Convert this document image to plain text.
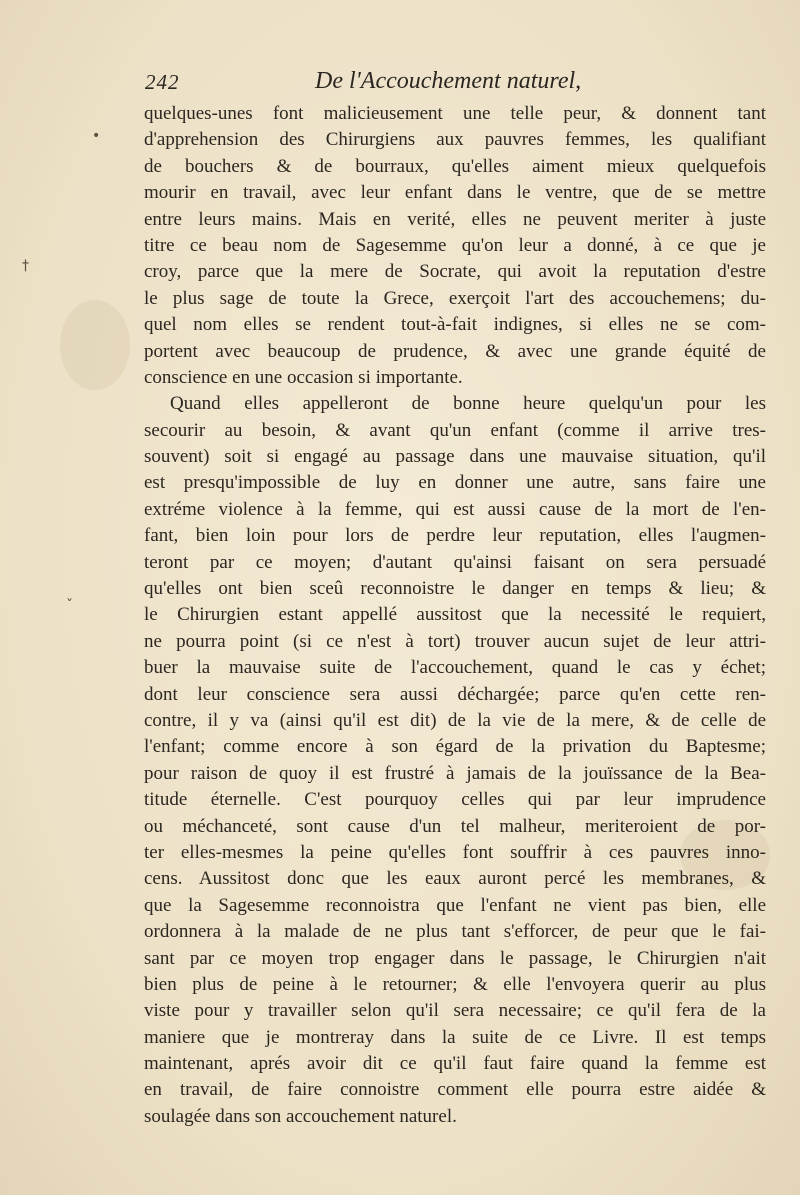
•
†
ˇ
242	De l'Accouchement naturel,
quelques-unes font malicieusement une telle peur, & donnent tant
d'apprehension des Chirurgiens aux pauvres femmes, les qualifiant
de bouchers & de bourraux, qu'elles aiment mieux quelquefois
mourir en travail, avec leur enfant dans le ventre, que de se mettre
entre leurs mains. Mais en verité, elles ne peuvent meriter à juste
titre ce beau nom de Sagesemme qu'on leur a donné, à ce que je
croy, parce que la mere de Socrate, qui avoit la reputation d'estre
le plus sage de toute la Grece, exerçoit l'art des accouchemens; du-
quel nom elles se rendent tout-à-fait indignes, si elles ne se com-
portent avec beaucoup de prudence, & avec une grande équité de
conscience en une occasion si importante.
Quand elles appelleront de bonne heure quelqu'un pour les
secourir au besoin, & avant qu'un enfant (comme il arrive tres-
souvent) soit si engagé au passage dans une mauvaise situation, qu'il
est presqu'impossible de luy en donner une autre, sans faire une
extréme violence à la femme, qui est aussi cause de la mort de l'en-
fant, bien loin pour lors de perdre leur reputation, elles l'augmen-
teront par ce moyen; d'autant qu'ainsi faisant on sera persuadé
qu'elles ont bien sceû reconnoistre le danger en temps & lieu; &
le Chirurgien estant appellé aussitost que la necessité le requiert,
ne pourra point (si ce n'est à tort) trouver aucun sujet de leur attri-
buer la mauvaise suite de l'accouchement, quand le cas y échet;
dont leur conscience sera aussi déchargée; parce qu'en cette ren-
contre, il y va (ainsi qu'il est dit) de la vie de la mere, & de celle de
l'enfant; comme encore à son égard de la privation du Baptesme;
pour raison de quoy il est frustré à jamais de la jouïssance de la Bea-
titude éternelle. C'est pourquoy celles qui par leur imprudence
ou méchanceté, sont cause d'un tel malheur, meriteroient de por-
ter elles-mesmes la peine qu'elles font souffrir à ces pauvres inno-
cens. Aussitost donc que les eaux auront percé les membranes, &
que la Sagesemme reconnoistra que l'enfant ne vient pas bien, elle
ordonnera à la malade de ne plus tant s'efforcer, de peur que le fai-
sant par ce moyen trop engager dans le passage, le Chirurgien n'ait
bien plus de peine à le retourner; & elle l'envoyera querir au plus
viste pour y travailler selon qu'il sera necessaire; ce qu'il fera de la
maniere que je montreray dans la suite de ce Livre. Il est temps
maintenant, aprés avoir dit ce qu'il faut faire quand la femme est
en travail, de faire connoistre comment elle pourra estre aidée &
soulagée dans son accouchement naturel.
